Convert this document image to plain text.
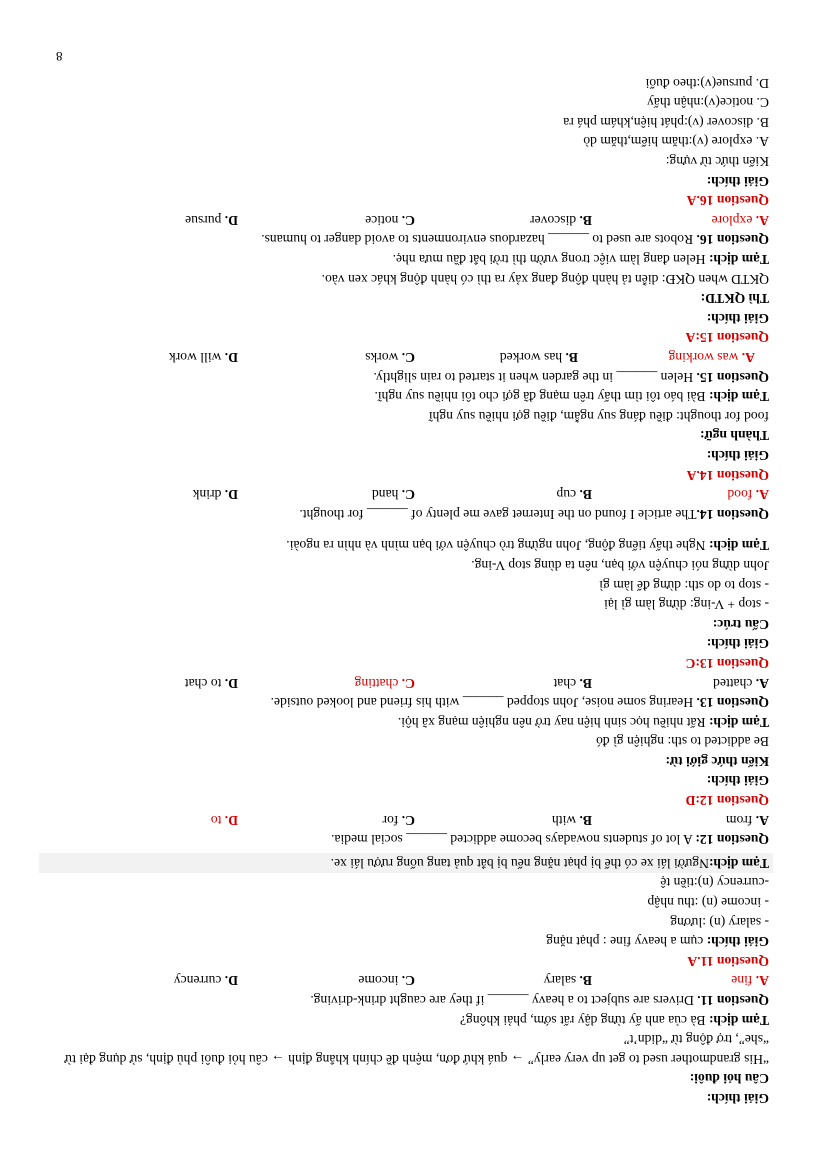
Giải thích:
Câu hỏi đuôi:
“His grandmother used to get up very early” → quá khứ đơn, mệnh đề chính khẳng định → câu hỏi đuôi phủ định, sử dụng đại từ “she”, trợ động từ “didn’t”
Tạm dịch: Bà của anh ấy từng dậy rất sớm, phải không?
Question 11. Drivers are subject to a heavy ______ if they are caught drink-driving.
A. fine
B. salary
C. income
D. currency
Question 11.A
Giải thích: cụm a heavy fine : phạt nặng
- salary (n) :lương
- income (n) :thu nhập
-currency (n):tiền tệ
Tạm dịch:Người lái xe có thể bị phạt nặng nếu bị bắt quả tang uống rượu lái xe.
Question 12: A lot of students nowadays become addicted ______ social media.
A. from
B. with
C. for
D. to
Question 12:D
Giải thích:
Kiến thức giới từ:
Be addicted to sth: nghiện gì đó
Tạm dịch: Rất nhiều học sinh hiện nay trở nên nghiện mạng xã hội.
Question 13. Hearing some noise, John stopped ______ with his friend and looked outside.
A. chatted
B. chat
C. chatting
D. to chat
Question 13:C
Giải thích:
Cấu trúc:
- stop + V-ing: dừng làm gì lại
- stop to do sth: dừng để làm gì
John dừng nói chuyện với bạn, nên ta dùng stop V-ing.
Tạm dịch: Nghe thấy tiếng động, John ngừng trò chuyện với bạn mình và nhìn ra ngoài.
Question 14.The article I found on the Internet gave me plenty of ______ for thought.
A. food
B. cup
C. hand
D. drink
Question 14.A
Giải thích:
Thành ngữ:
food for thought: điều đáng suy ngẫm, điều gợi nhiều suy nghĩ
Tạm dịch: Bài báo tôi tìm thấy trên mạng đã gợi cho tôi nhiều suy nghĩ.
Question 15. Helen ______ in the garden when it started to rain slightly.
A. was working
B. has worked
C. works
D. will work
Question 15:A
Giải thích:
Thì QKTD:
QKTD when QKĐ: diễn tả hành động đang xảy ra thì có hành động khác xen vào.
Tạm dịch: Helen đang làm việc trong vườn thì trời bắt đầu mưa nhẹ.
Question 16. Robots are used to ______ hazardous environments to avoid danger to humans.
A. explore
B. discover
C. notice
D. pursue
Question 16.A
Giải thích:
Kiến thức từ vựng:
A. explore (v):thăm hiểm,thăm dò
B. discover (v):phát hiện,khám phá ra
C. notice(v):nhận thấy
D. pursue(v):theo đuổi
8
